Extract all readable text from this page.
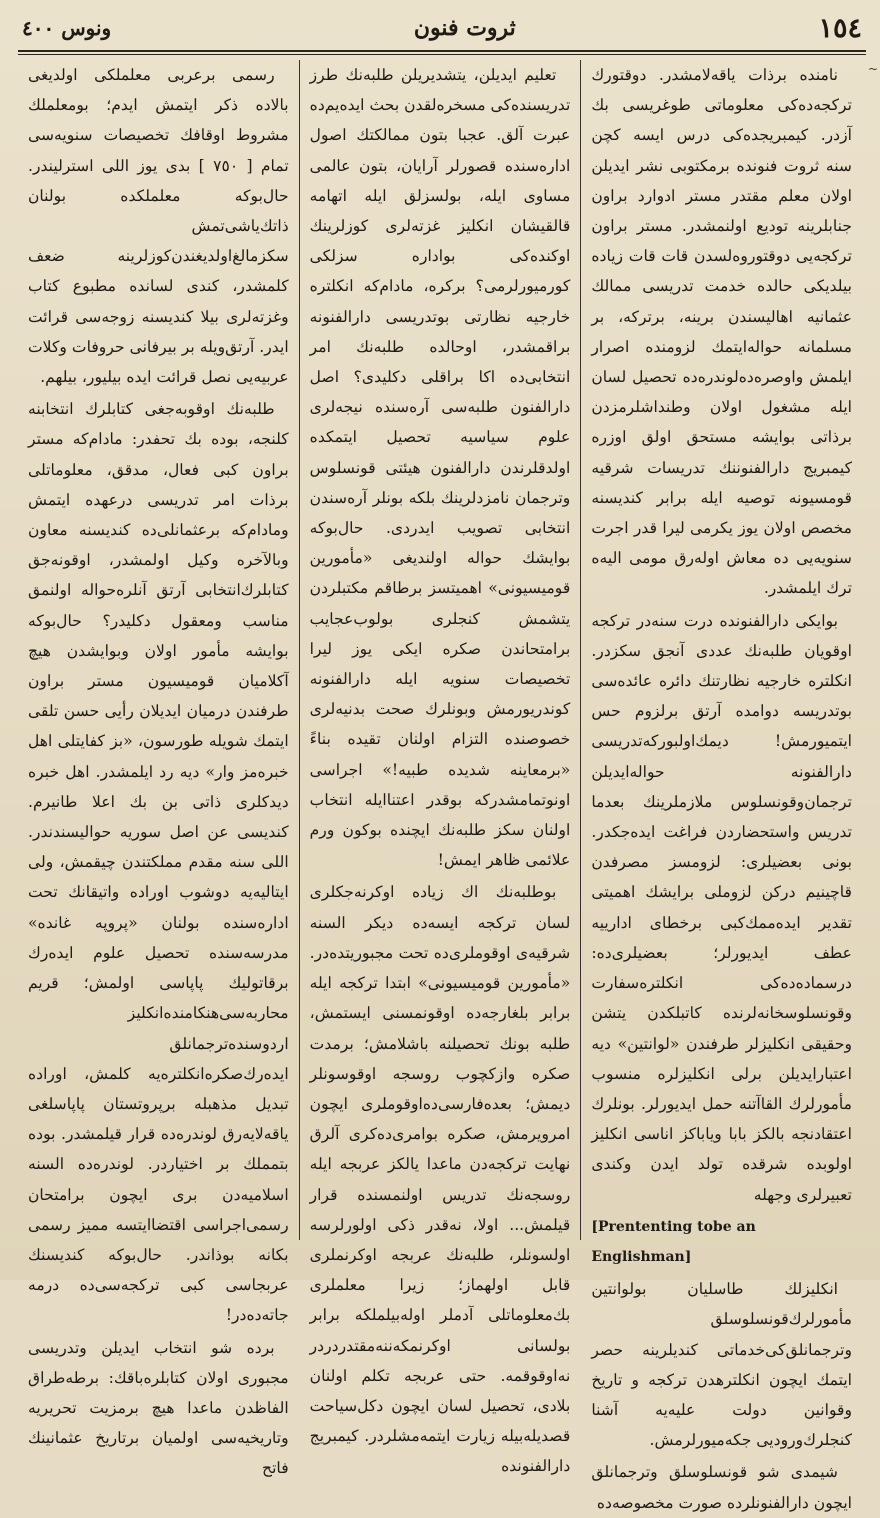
١٥٤
ثروت فنون
ونوس ٤٠٠
~

نامنده برذات ياقه‌لامشدر. دوقتورك تركجه‌ده‌كی معلوماتی طوغريسی بك آزدر. كيمبريجده‌كی درس ايسه كچن سنه ثروت فنونده برمكتوبی نشر ايديلن اولان معلم مقتدر مستر ادوارد براون جنابلرينه توديع اولنمشدر. مستر براون تركجه‌يی دوقتوروه‌لسدن قات قات زياده بيلديكی حالده خدمت تدريسی ممالك عثمانيه اهاليسندن برينه، برتركه، بر مسلمانه حواله‌ايتمك لزومنده اصرار ايلمش واوصره‌ده‌لوندره‌ده تحصيل لسان ايله مشغول اولان وطنداشلرمزدن برذاتی بوايشه مستحق اولق اوزره كيمبريج دارالفنوننك تدريسات شرقيه قومسيونه توصيه ايله برابر كنديسنه مخصص اولان يوز يكرمی ليرا قدر اجرت سنويه‌يی ده معاش اوله‌رق مومی اليه‌ه ترك ايلمشدر.

بوايكی دارالفنونده درت سنه‌در تركجه اوقويان طلبه‌نك عددی آنجق سكزدر. انكلتره خارجيه نظارتنك دائره عائده‌سی بوتدريسه دوامده آرتق برلزوم حس ايتميورمش! ديمك‌اولبوركه‌تدريسی دارالفنونه حواله‌ايديلن ترجمان‌وقونسلوس ملازملرينك بعدما تدريس واستحضاردن فراغت ايده‌جكدر. بونی بعضيلری: لزومسز مصرفدن قاچينيم دركن لزوملی برايشك اهميتی تقدير ايده‌ممك‌كبی برخطای ادارييه عطف ايديورلر؛ بعضيلری‌ده: درسماده‌ده‌كی انكلتره‌سفارت وقونسلوسخانه‌لرنده كاتبلكدن يتشن وحقيقی انكليزلر طرفندن «لوانتين» ديه اعتبارايديلن برلی انكليزلره منسوب مأمورلرك القاآتنه حمل ايديورلر. بونلرك اعتقادنجه بالكز بابا وياباكز اناسی انكليز اولوبده شرقده تولد ايدن وكندی تعبيرلری وجهله

[Prententing tobe an Englishman]

انكليزلك طاسليان بولوانتين مأمورلرك‌قونسلوسلق وترجمانلق‌كی‌خدماتی كنديلرينه حصر ايتمك ايچون انكلترهدن تركجه و تاريخ وقوانين دولت عليه‌يه آشنا كنجلرك‌وروديی جكه‌ميورلرمش.

شيمدی شو قونسلوسلق وترجمانلق ايچون دارالفنونلرده صورت مخصوصه‌ده

تعليم ايديلن، يتشديريلن طلبه‌نك طرز تدريسنده‌كی مسخره‌لقدن بحث ايده‌يم‌ده عبرت آلق. عجبا بتون ممالكتك اصول اداره‌سنده قصورلر آرايان، بتون عالمی مساوی ايله، بولسزلق ايله اتهامه قالقيشان انكليز غزته‌لری كوزلرينك اوكنده‌كی بواداره سزلكی كورميورلرمی؟ بركره، مادام‌كه انكلتره خارجيه نظارتی بوتدريسی دارالفنونه براقمشدر، اوحالده طلبه‌نك امر انتخابی‌ده اكا براقلی دكليدی؟ اصل دارالفنون طلبه‌سی آره‌سنده نيجه‌لری علوم سياسيه تحصيل ايتمكده اولدقلرندن دارالفنون هيئتی قونسلوس وترجمان نامزدلرينك بلكه بونلر آره‌سندن انتخابی تصويب ايدردی. حال‌بوكه بوايشك حواله اولنديغی «مأمورين قوميسيونی» اهميتسز برطاقم مكتبلردن يتشمش كنجلری بولوب‌عجايب برامتحاندن صكره ايكی يوز ليرا تخصيصات سنويه ايله دارالفنونه كوندريورمش وبونلرك صحت بدنيه‌لری خصوصنده التزام اولنان تقيده بناءً «برمعاينه شديده طبيه!» اجراسی اونوتمامشدركه بوقدر اعتناايله انتخاب اولنان سكز طلبه‌نك ايچنده بوكون ورم علائمی ظاهر ايمش!

بوطلبه‌نك اك زياده اوكرنه‌جكلری لسان تركجه ايسه‌ده ديكر السنه شرقيه‌ی اوقوملری‌ده تحت مجبوريتده‌در. «مأمورين قوميسيونی» ابتدا تركجه ايله برابر بلغارجه‌ده اوقونمسنی ايستمش، طلبه بونك تحصيلنه باشلامش؛ برمدت صكره وازكچوب روسجه اوقوسونلر ديمش؛ بعده‌فارسی‌ده‌اوقوملری ايچون امرويرمش، صكره بوامری‌ده‌كری آلرق نهايت تركجه‌دن ماعدا يالكز عربجه ايله روسجه‌نك تدريس اولنمسنده قرار قيلمش... اولا، نه‌قدر ذكی اولورلرسه اولسونلر، طلبه‌نك عربجه اوكرنملری قابل اولهماز؛ زيرا معلملری بك‌معلوماتلی آدملر اوله‌بيلملكه برابر بولسانی اوكرنمكه‌ننه‌مقتدر‌دردر نه‌اوقوقمه. حتی عربجه تكلم اولنان بلادی، تحصيل لسان ايچون دكل‌سياحت قصديله‌بيله زيارت ايتمه‌مشلردر. كيمبريج دارالفنونده

رسمی برعربی معلملكی اولديغی بالاده ذكر ايتمش ايدم؛ بومعلملك مشروط اوقافك تخصيصات سنويه‌سی تمام [ ٧٥٠ ] بدی يوز اللی استرليندر. حال‌بوكه معلملكده بولنان ذاتك‌ياشی‌تمش سكزمالغ‌اولديغندن‌كوزلرينه ضعف كلمشدر، كندی لسانده مطبوع كتاب وغزته‌لری بيلا كنديسنه زوجه‌سی قرائت ايدر. آرتق‌ويله بر بيرفانی حروفات وكلات عربيه‌يی نصل قرائت ايده بيليور، بيلهم.

طلبه‌نك اوقوبه‌جغی كتابلرك انتخابنه كلنجه، بوده بك تحفدر: مادام‌كه مستر براون كبی فعال، مدقق، معلوماتلی برذات امر تدريسی درعهده ايتمش ومادام‌كه برعثمانلی‌ده كنديسنه معاون وبالآخره وكيل اولمشدر، اوقونه‌جق كتابلرك‌انتخابی آرتق آنلره‌حواله اولنمق مناسب ومعقول دكليدر؟ حال‌بوكه بوايشه مأمور اولان وبوايشدن هيچ آكلاميان قوميسيون مستر براون طرفندن درميان ايديلان رأيی حسن تلقی ايتمك شويله طورسون، «بز كفايتلی اهل خبره‌مز وار» ديه رد ايلمشدر. اهل خبره ديدكلری ذاتی بن بك اعلا طانيرم. كنديسی عن اصل سوريه حواليسندندر. اللی سنه مقدم مملكتندن چيقمش، ولی ايتاليه‌يه دوشوب اوراده واتيقانك تحت اداره‌سنده بولنان «پروپه غانده» مدرسه‌سنده تحصيل علوم ايده‌رك برقاتوليك پاپاسی اولمش؛ قريم محاربه‌سی‌هنكامنده‌انكليز اردوسنده‌ترجمانلق ايده‌رك‌صكره‌انكلتره‌يه كلمش، اوراده تبديل مذهبله برپروتستان پاپاسلغی ياقه‌لايه‌رق لوندره‌ده قرار قيلمشدر. بوده بتمملك بر اختيار‌در. لوندره‌ده السنه اسلاميه‌دن بری ايچون برامتحان رسمی‌اجراسی اقتضاايتسه مميز رسمی بكانه بوذاندر. حال‌بوكه كنديسنك عربجاسی كبی تركجه‌سی‌ده درمه جاته‌ده‌در!

برده شو انتخاب ايديلن وتدريسی مجبوری اولان كتابلره‌باقك: برطه‌طراق الفاظدن ماعدا هيچ برمزيت تحريريه وتاريخيه‌سی اولميان برتاريخ عثمانينك فاتح
